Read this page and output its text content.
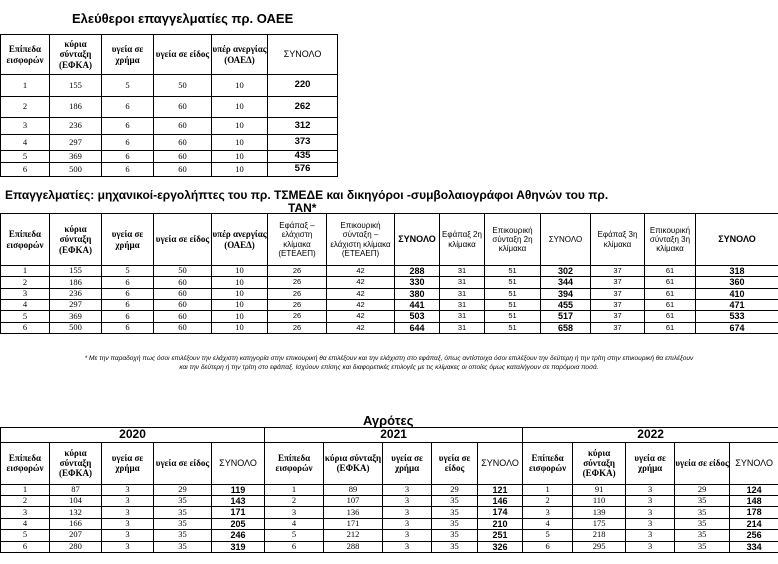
Ελεύθεροι επαγγελματίες πρ. ΟΑΕΕ
Επίπεδα εισφορών	κύρια σύνταξη (ΕΦΚΑ)	υγεία σε χρήμα	υγεία σε είδος	υπέρ ανεργίας (ΟΑΕΔ)	ΣΥΝΟΛΟ
1	155	5	50	10	220
2	186	6	60	10	262
3	236	6	60	10	312
4	297	6	60	10	373
5	369	6	60	10	435
6	500	6	60	10	576
Επαγγελματίες: μηχανικοί-εργολήπτες του πρ. ΤΣΜΕΔΕ και δικηγόροι -συμβολαιογράφοι Αθηνών του πρ.
ΤΑΝ*
Επίπεδα εισφορών	κύρια σύνταξη (ΕΦΚΑ)	υγεία σε χρήμα	υγεία σε είδος	υπέρ ανεργίας (ΟΑΕΔ)	Εφάπαξ – ελάχιστη κλίμακα (ΕΤΕΑΕΠ)	Επικουρική σύνταξη – ελάχιστη κλίμακα (ΕΤΕΑΕΠ)	ΣΥΝΟΛΟ	Εφάπαξ 2η κλίμακα	Επικουρική σύνταξη 2η κλίμακα	ΣΥΝΟΛΟ	Εφάπαξ 3η κλίμακα	Επικουρική σύνταξη 3η κλίμακα	ΣΥΝΟΛΟ
1	155	5	50	10	26	42	288	31	51	302	37	61	318
2	186	6	60	10	26	42	330	31	51	344	37	61	360
3	236	6	60	10	26	42	380	31	51	394	37	61	410
4	297	6	60	10	26	42	441	31	51	455	37	61	471
5	369	6	60	10	26	42	503	31	51	517	37	61	533
6	500	6	60	10	26	42	644	31	51	658	37	61	674
* Με την παραδοχή πως όσοι επιλέξουν την ελάχιστη κατηγορία στην επικουρική θα επιλέξουν και την ελάχιστη στο εφάπαξ, όπως αντίστοιχα όσοι επιλέξουν την δεύτερη ή την τρίτη στην επικουρική θα επιλέξουν
και την δεύτερη ή την τρίτη στο εφάπαξ. Ισχύουν επίσης και διαφορετικές επιλογές με τις κλίμακες οι οποίες όμως καταλήγουν σε παρόμοια ποσά.
Αγρότες
2020					2021					2022				
Επίπεδα εισφορών	κύρια σύνταξη (ΕΦΚΑ)	υγεία σε χρήμα	υγεία σε είδος	ΣΥΝΟΛΟ	Επίπεδα εισφορών	κύρια σύνταξη (ΕΦΚΑ)	υγεία σε χρήμα	υγεία σε είδος	ΣΥΝΟΛΟ	Επίπεδα εισφορών	κύρια σύνταξη (ΕΦΚΑ)	υγεία σε χρήμα	υγεία σε είδος	ΣΥΝΟΛΟ
1	87	3	29	119	1	89	3	29	121	1	91	3	29	124
2	104	3	35	143	2	107	3	35	146	2	110	3	35	148
3	132	3	35	171	3	136	3	35	174	3	139	3	35	178
4	166	3	35	205	4	171	3	35	210	4	175	3	35	214
5	207	3	35	246	5	212	3	35	251	5	218	3	35	256
6	280	3	35	319	6	288	3	35	326	6	295	3	35	334
